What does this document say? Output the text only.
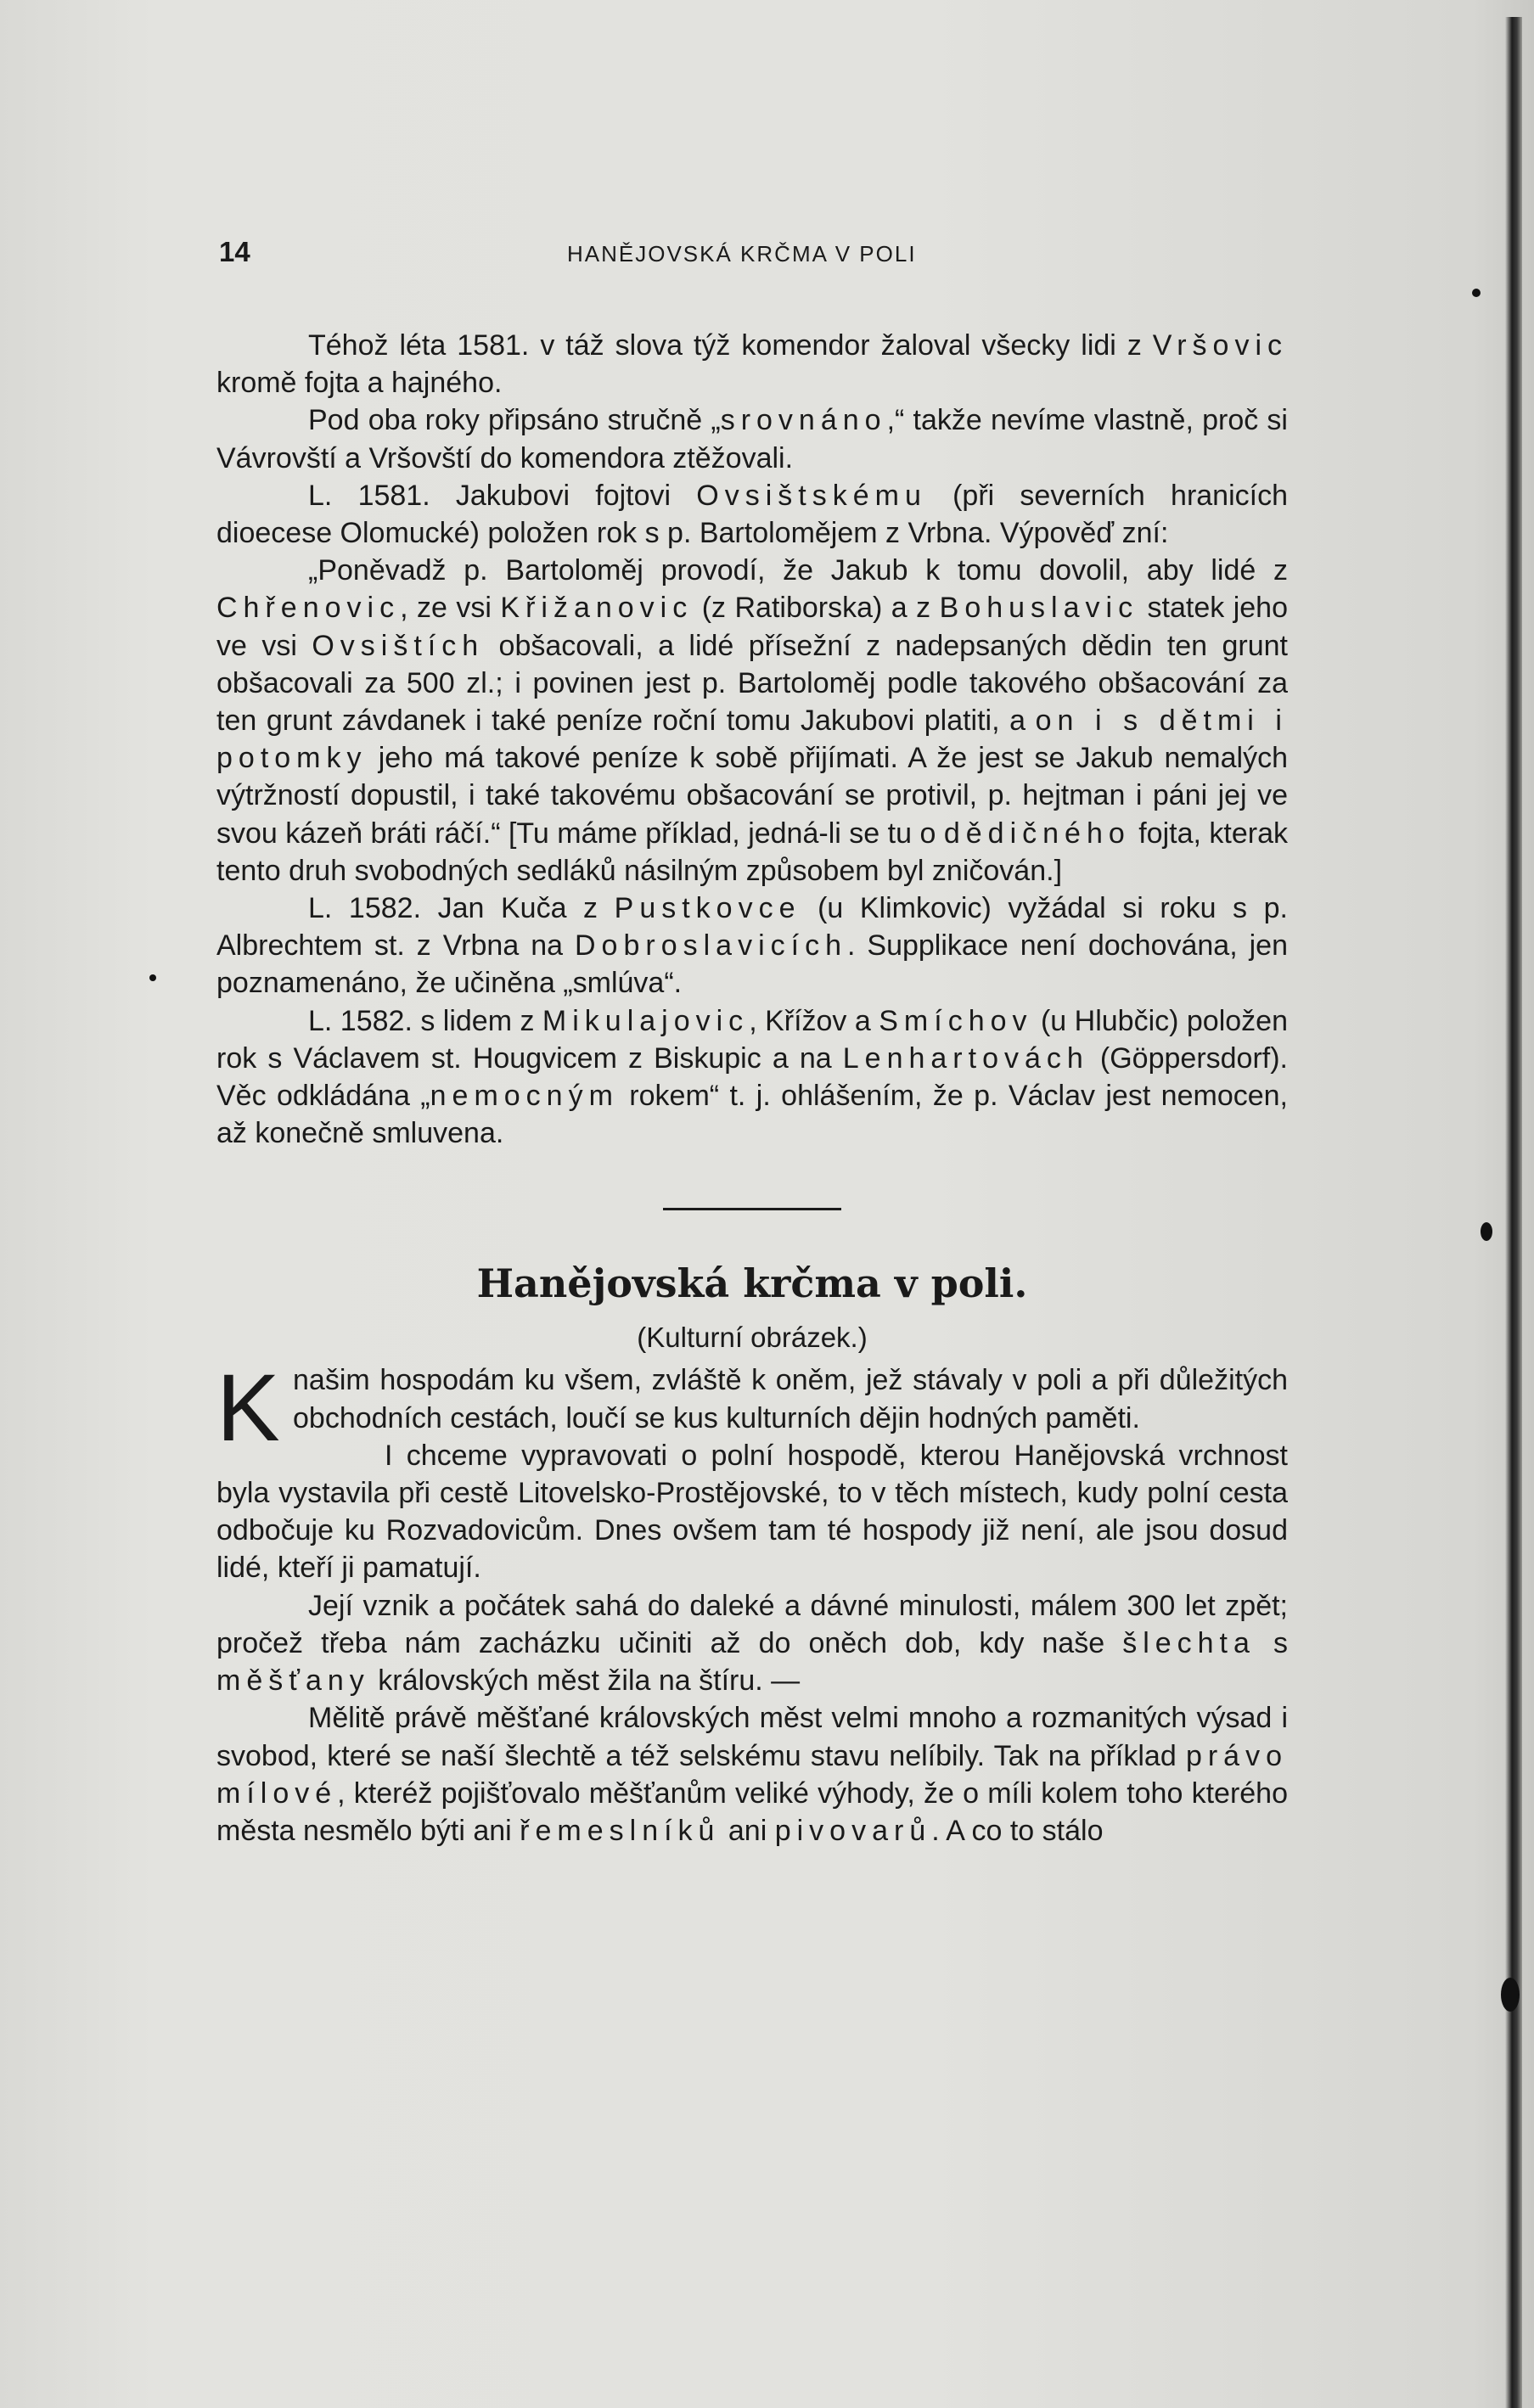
14	HANĚJOVSKÁ KRČMA V POLI

Téhož léta 1581. v táž slova týž komendor žaloval všecky lidi z Vršovic kromě fojta a hajného.

Pod oba roky připsáno stručně „srovnáno,“ takže nevíme vlastně, proč si Vávrovští a Vršovští do komendora ztěžovali.

L. 1581. Jakubovi fojtovi Ovsištskému (při severních hranicích dioecese Olomucké) položen rok s p. Bartolomějem z Vrbna. Výpověď zní:

„Poněvadž p. Bartoloměj provodí, že Jakub k tomu dovolil, aby lidé z Chřenovic, ze vsi Křižanovic (z Ratiborska) a z Bohuslavic statek jeho ve vsi Ovsištích obšacovali, a lidé přísežní z nadepsaných dědin ten grunt obšacovali za 500 zl.; i povinen jest p. Bartoloměj podle takového obšacování za ten grunt závdanek i také peníze roční tomu Jakubovi platiti, a on i s dětmi i potomky jeho má takové peníze k sobě přijímati. A že jest se Jakub nemalých výtržností dopustil, i také takovému obšacování se protivil, p. hejtman i páni jej ve svou kázeň bráti ráčí.“ [Tu máme příklad, jedná-li se tu o dědičného fojta, kterak tento druh svobodných sedláků násilným způsobem byl zničován.]

L. 1582. Jan Kuča z Pustkovce (u Klimkovic) vyžádal si roku s p. Albrechtem st. z Vrbna na Dobroslavicích. Supplikace není dochována, jen poznamenáno, že učiněna „smlúva“.

L. 1582. s lidem z Mikulajovic, Křížov a Smíchov (u Hlubčic) položen rok s Václavem st. Hougvicem z Biskupic a na Lenhartovách (Göppersdorf). Věc odkládána „nemocným rokem“ t. j. ohlášením, že p. Václav jest nemocen, až konečně smluvena.

Hanějovská krčma v poli.
(Kulturní obrázek.)

Knašim hospodám ku všem, zvláště k oněm, jež stávaly v poli a při důležitých obchodních cestách, loučí se kus kulturních dějin hodných paměti.

I chceme vypravovati o polní hospodě, kterou Hanějovská vrchnost byla vystavila při cestě Litovelsko-Prostějovské, to v těch místech, kudy polní cesta odbočuje ku Rozvadovicům. Dnes ovšem tam té hospody již není, ale jsou dosud lidé, kteří ji pamatují.

Její vznik a počátek sahá do daleké a dávné minulosti, málem 300 let zpět; pročež třeba nám zacházku učiniti až do oněch dob, kdy naše šlechta s měšťany královských měst žila na štíru. —

Mělitě právě měšťané královských měst velmi mnoho a rozmanitých výsad i svobod, které se naší šlechtě a též selskému stavu nelíbily. Tak na příklad právo mílové, kteréž pojišťovalo měšťanům veliké výhody, že o míli kolem toho kterého města nesmělo býti ani řemeslníků ani pivovarů. A co to stálo
